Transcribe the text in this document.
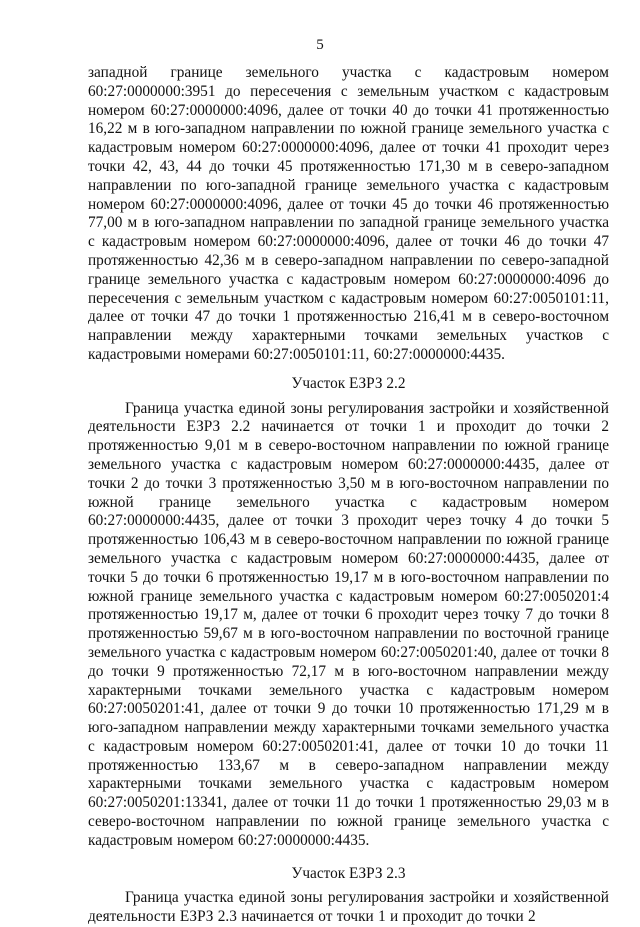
5

западной границе земельного участка с кадастровым номером 60:27:0000000:3951 до пересечения с земельным участком с кадастровым номером 60:27:0000000:4096, далее от точки 40 до точки 41 протяженностью 16,22 м в юго-западном направлении по южной границе земельного участка с кадастровым номером 60:27:0000000:4096, далее от точки 41 проходит через точки 42, 43, 44 до точки 45 протяженностью 171,30 м в северо-западном направлении по юго-западной границе земельного участка с кадастровым номером 60:27:0000000:4096, далее от точки 45 до точки 46 протяженностью 77,00 м в юго-западном направлении по западной границе земельного участка с кадастровым номером 60:27:0000000:4096, далее от точки 46 до точки 47 протяженностью 42,36 м в северо-западном направлении по северо-западной границе земельного участка с кадастровым номером 60:27:0000000:4096 до пересечения с земельным участком с кадастровым номером 60:27:0050101:11, далее от точки 47 до точки 1 протяженностью 216,41 м в северо-восточном направлении между характерными точками земельных участков с кадастровыми номерами 60:27:0050101:11, 60:27:0000000:4435.

Участок ЕЗРЗ 2.2

Граница участка единой зоны регулирования застройки и хозяйственной деятельности ЕЗРЗ 2.2 начинается от точки 1 и проходит до точки 2 протяженностью 9,01 м в северо-восточном направлении по южной границе земельного участка с кадастровым номером 60:27:0000000:4435, далее от точки 2 до точки 3 протяженностью 3,50 м в юго-восточном направлении по южной границе земельного участка с кадастровым номером 60:27:0000000:4435, далее от точки 3 проходит через точку 4 до точки 5 протяженностью 106,43 м в северо-восточном направлении по южной границе земельного участка с кадастровым номером 60:27:0000000:4435, далее от точки 5 до точки 6 протяженностью 19,17 м в юго-восточном направлении по южной границе земельного участка с кадастровым номером 60:27:0050201:4 протяженностью 19,17 м, далее от точки 6 проходит через точку 7 до точки 8 протяженностью 59,67 м в юго-восточном направлении по восточной границе земельного участка с кадастровым номером 60:27:0050201:40, далее от точки 8 до точки 9 протяженностью 72,17 м в юго-восточном направлении между характерными точками земельного участка с кадастровым номером 60:27:0050201:41, далее от точки 9 до точки 10 протяженностью 171,29 м в юго-западном направлении между характерными точками земельного участка с кадастровым номером 60:27:0050201:41, далее от точки 10 до точки 11 протяженностью 133,67 м в северо-западном направлении между характерными точками земельного участка с кадастровым номером 60:27:0050201:13341, далее от точки 11 до точки 1 протяженностью 29,03 м в северо-восточном направлении по южной границе земельного участка с кадастровым номером 60:27:0000000:4435.

Участок ЕЗРЗ 2.3

Граница участка единой зоны регулирования застройки и хозяйственной деятельности ЕЗРЗ 2.3 начинается от точки 1 и проходит до точки 2
